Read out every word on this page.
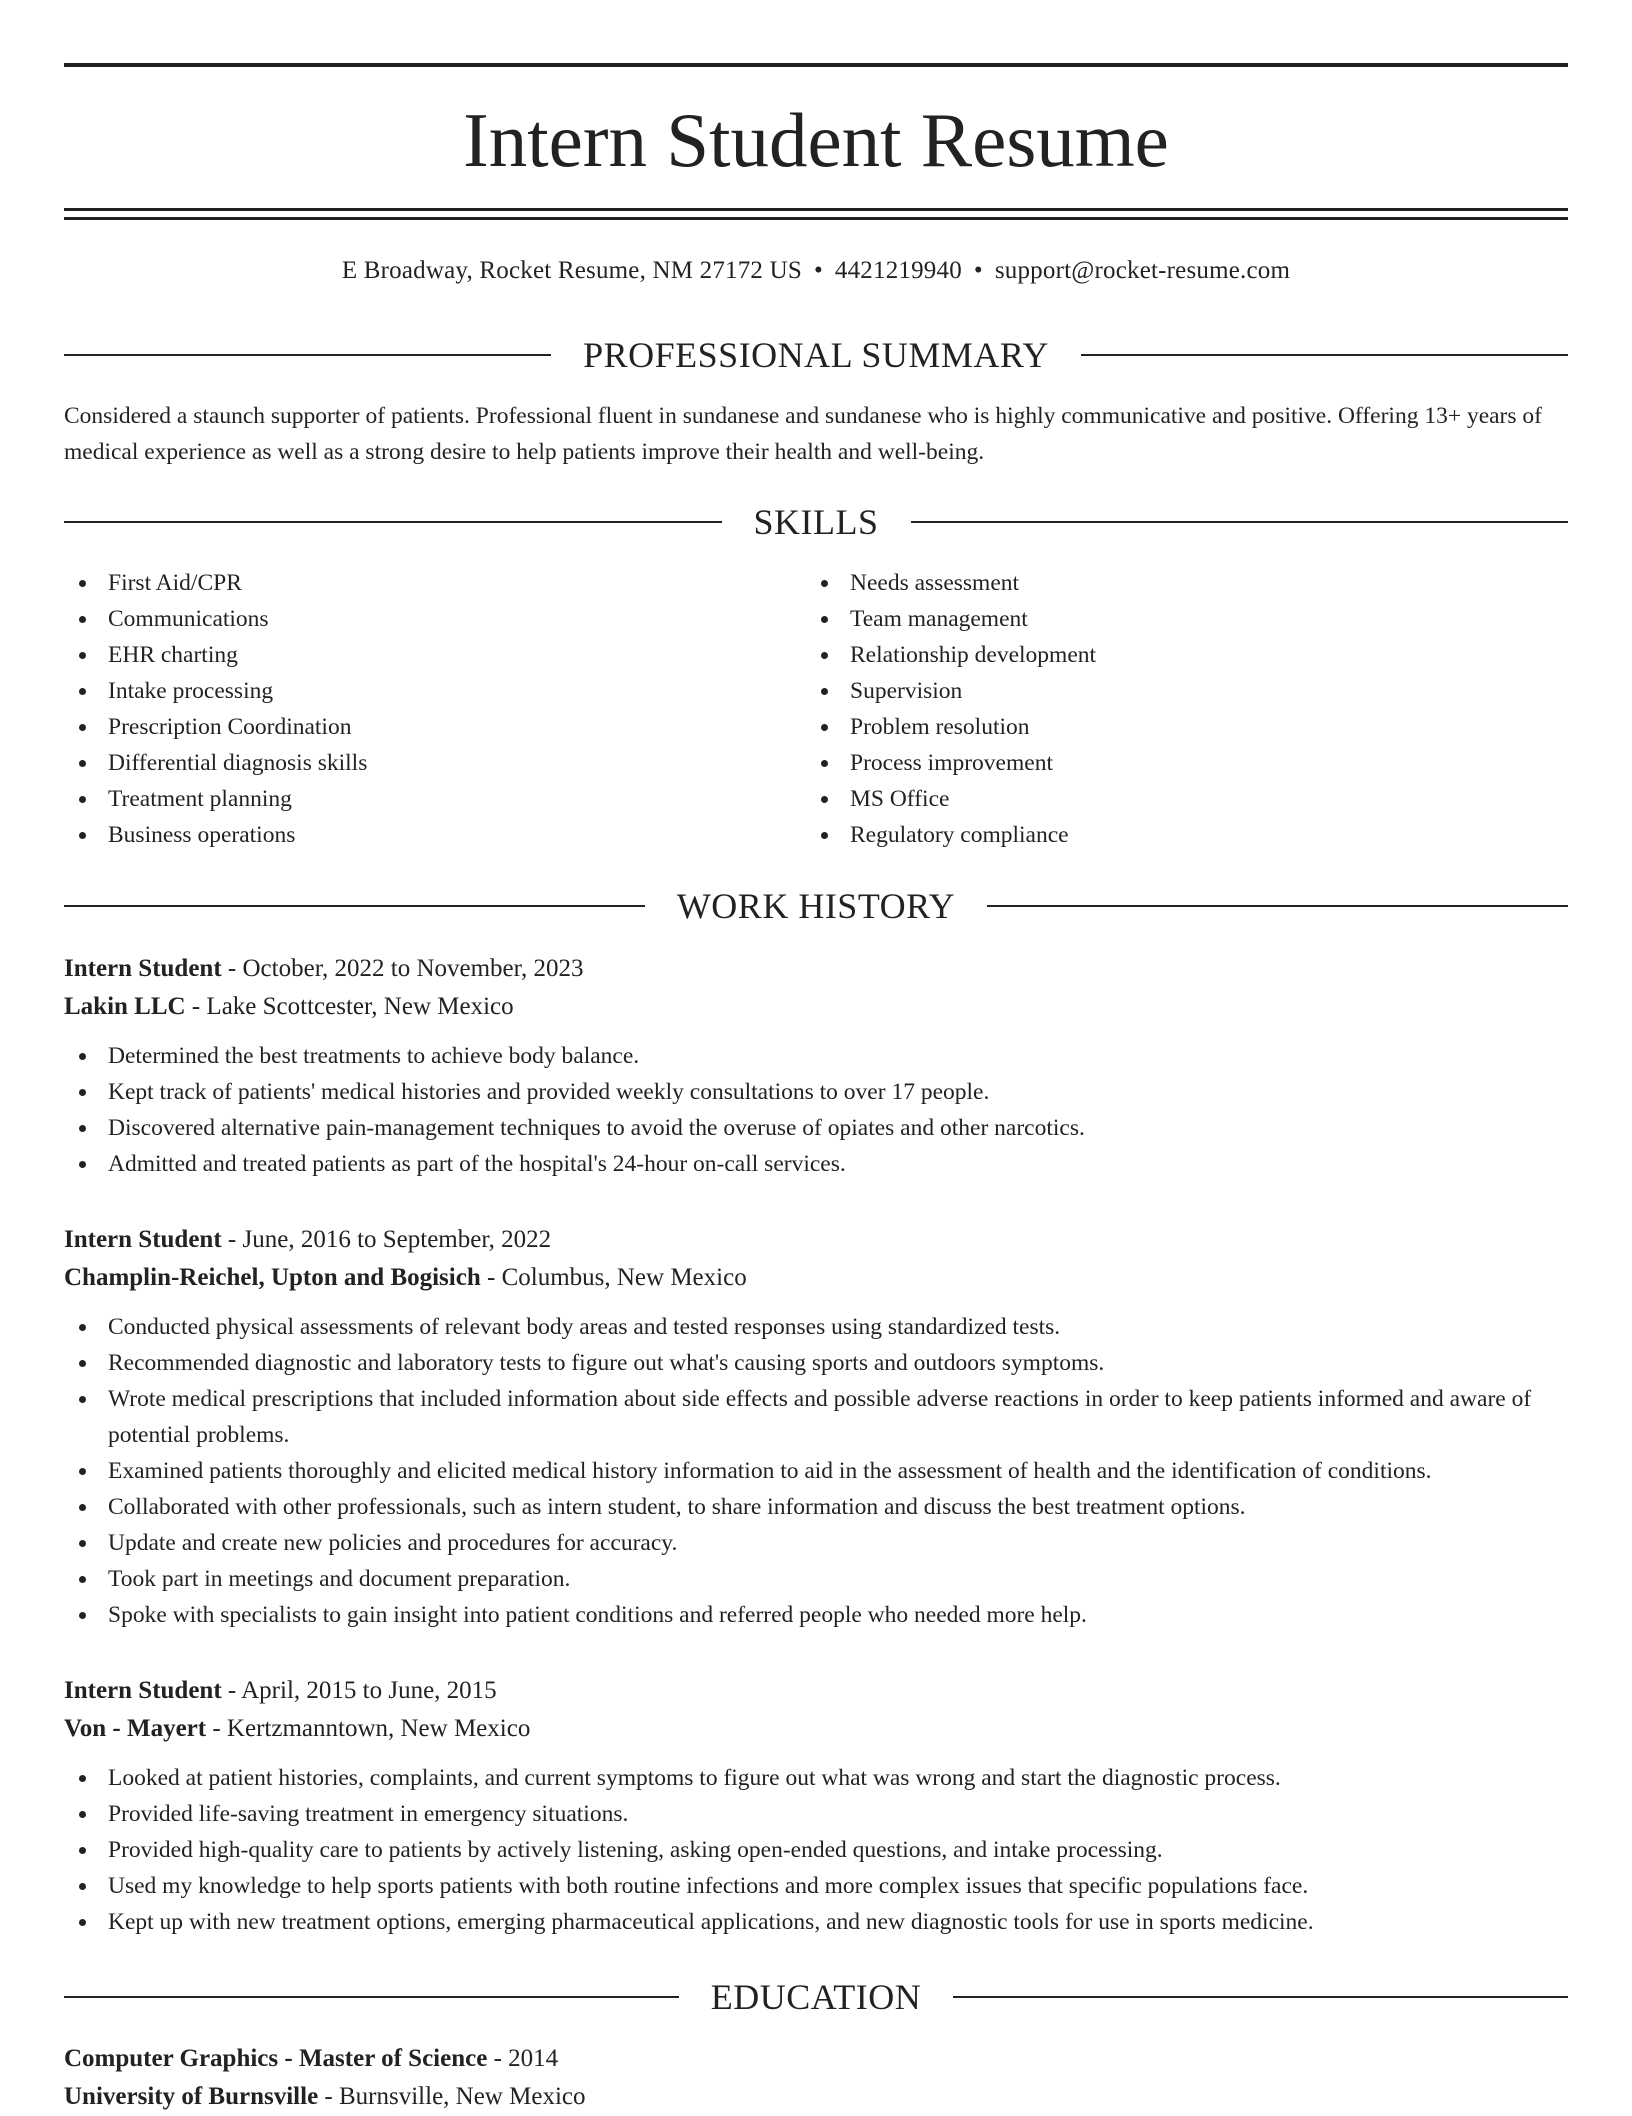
Intern Student Resume
E Broadway, Rocket Resume, NM 27172 US • 4421219940 • support@rocket-resume.com
PROFESSIONAL SUMMARY

Considered a staunch supporter of patients. Professional fluent in sundanese and sundanese who is highly communicative and positive. Offering 13+ years of medical experience as well as a strong desire to help patients improve their health and well-being.

SKILLS
First Aid/CPR
Communications
EHR charting
Intake processing
Prescription Coordination
Differential diagnosis skills
Treatment planning
Business operations
Needs assessment
Team management
Relationship development
Supervision
Problem resolution
Process improvement
MS Office
Regulatory compliance
WORK HISTORY
Intern Student - October, 2022 to November, 2023
Lakin LLC - Lake Scottcester, New Mexico
Determined the best treatments to achieve body balance.
Kept track of patients' medical histories and provided weekly consultations to over 17 people.
Discovered alternative pain-management techniques to avoid the overuse of opiates and other narcotics.
Admitted and treated patients as part of the hospital's 24-hour on-call services.
Intern Student - June, 2016 to September, 2022
Champlin-Reichel, Upton and Bogisich - Columbus, New Mexico
Conducted physical assessments of relevant body areas and tested responses using standardized tests.
Recommended diagnostic and laboratory tests to figure out what's causing sports and outdoors symptoms.
Wrote medical prescriptions that included information about side effects and possible adverse reactions in order to keep patients informed and aware of potential problems.
Examined patients thoroughly and elicited medical history information to aid in the assessment of health and the identification of conditions.
Collaborated with other professionals, such as intern student, to share information and discuss the best treatment options.
Update and create new policies and procedures for accuracy.
Took part in meetings and document preparation.
Spoke with specialists to gain insight into patient conditions and referred people who needed more help.
Intern Student - April, 2015 to June, 2015
Von - Mayert - Kertzmanntown, New Mexico
Looked at patient histories, complaints, and current symptoms to figure out what was wrong and start the diagnostic process.
Provided life-saving treatment in emergency situations.
Provided high-quality care to patients by actively listening, asking open-ended questions, and intake processing.
Used my knowledge to help sports patients with both routine infections and more complex issues that specific populations face.
Kept up with new treatment options, emerging pharmaceutical applications, and new diagnostic tools for use in sports medicine.
EDUCATION
Computer Graphics - Master of Science - 2014
University of Burnsville - Burnsville, New Mexico
